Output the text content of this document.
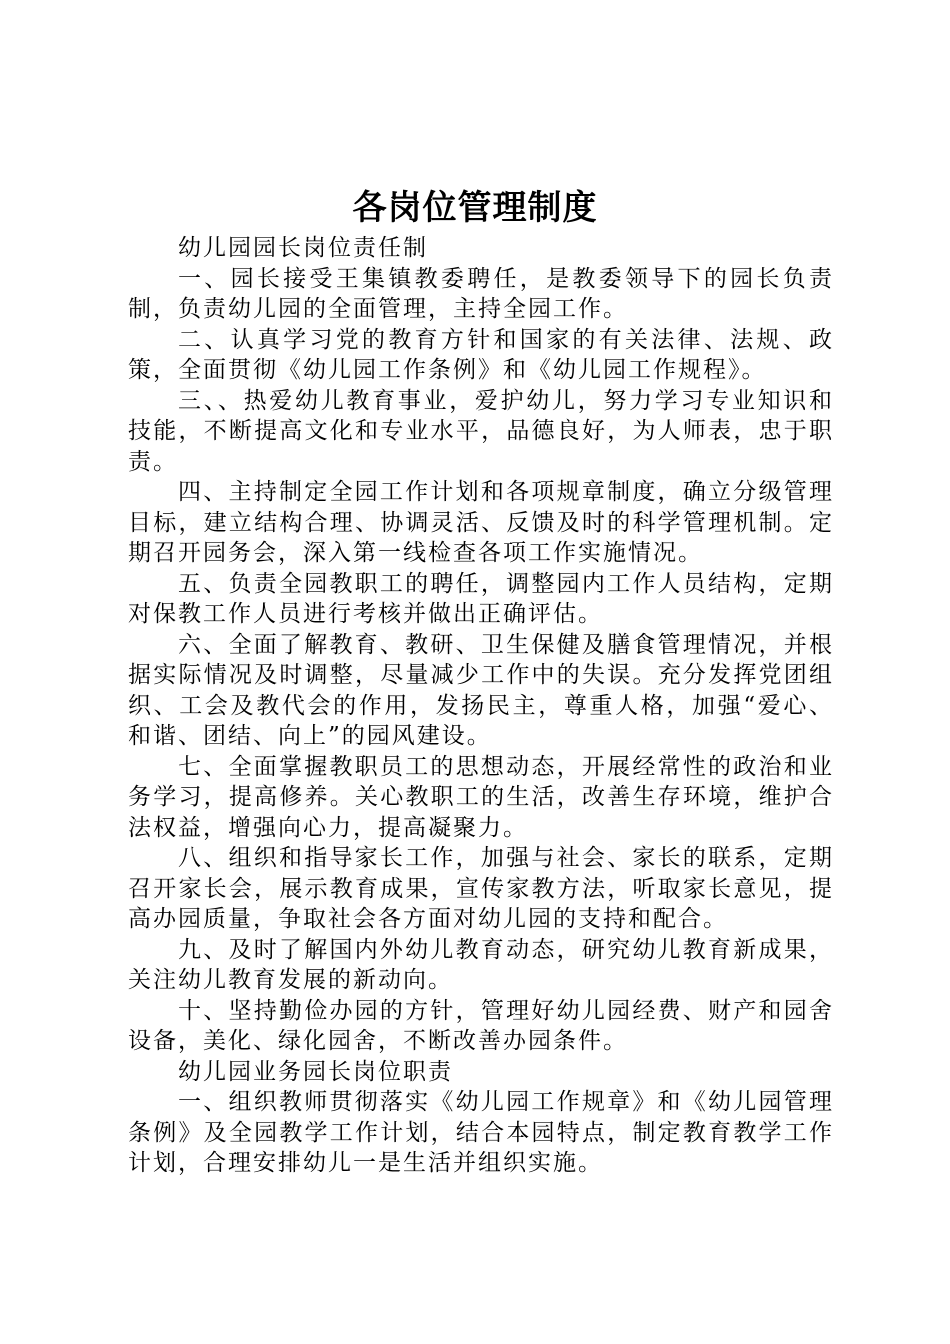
各岗位管理制度

幼儿园园长岗位责任制

一、园长接受王集镇教委聘任，是教委领导下的园长负责制，负责幼儿园的全面管理，主持全园工作。

二、认真学习党的教育方针和国家的有关法律、法规、政策，全面贯彻《幼儿园工作条例》和《幼儿园工作规程》。

三、、热爱幼儿教育事业，爱护幼儿，努力学习专业知识和技能，不断提高文化和专业水平，品德良好，为人师表，忠于职责。

四、主持制定全园工作计划和各项规章制度，确立分级管理目标，建立结构合理、协调灵活、反馈及时的科学管理机制。定期召开园务会，深入第一线检查各项工作实施情况。

五、负责全园教职工的聘任，调整园内工作人员结构，定期对保教工作人员进行考核并做出正确评估。

六、全面了解教育、教研、卫生保健及膳食管理情况，并根据实际情况及时调整，尽量减少工作中的失误。充分发挥党团组织、工会及教代会的作用，发扬民主，尊重人格，加强“爱心、和谐、团结、向上”的园风建设。

七、全面掌握教职员工的思想动态，开展经常性的政治和业务学习，提高修养。关心教职工的生活，改善生存环境，维护合法权益，增强向心力，提高凝聚力。

八、组织和指导家长工作，加强与社会、家长的联系，定期召开家长会，展示教育成果，宣传家教方法，听取家长意见，提高办园质量，争取社会各方面对幼儿园的支持和配合。

九、及时了解国内外幼儿教育动态，研究幼儿教育新成果，关注幼儿教育发展的新动向。

十、坚持勤俭办园的方针，管理好幼儿园经费、财产和园舍设备，美化、绿化园舍，不断改善办园条件。

幼儿园业务园长岗位职责

一、组织教师贯彻落实《幼儿园工作规章》和《幼儿园管理条例》及全园教学工作计划，结合本园特点，制定教育教学工作计划，合理安排幼儿一是生活并组织实施。
